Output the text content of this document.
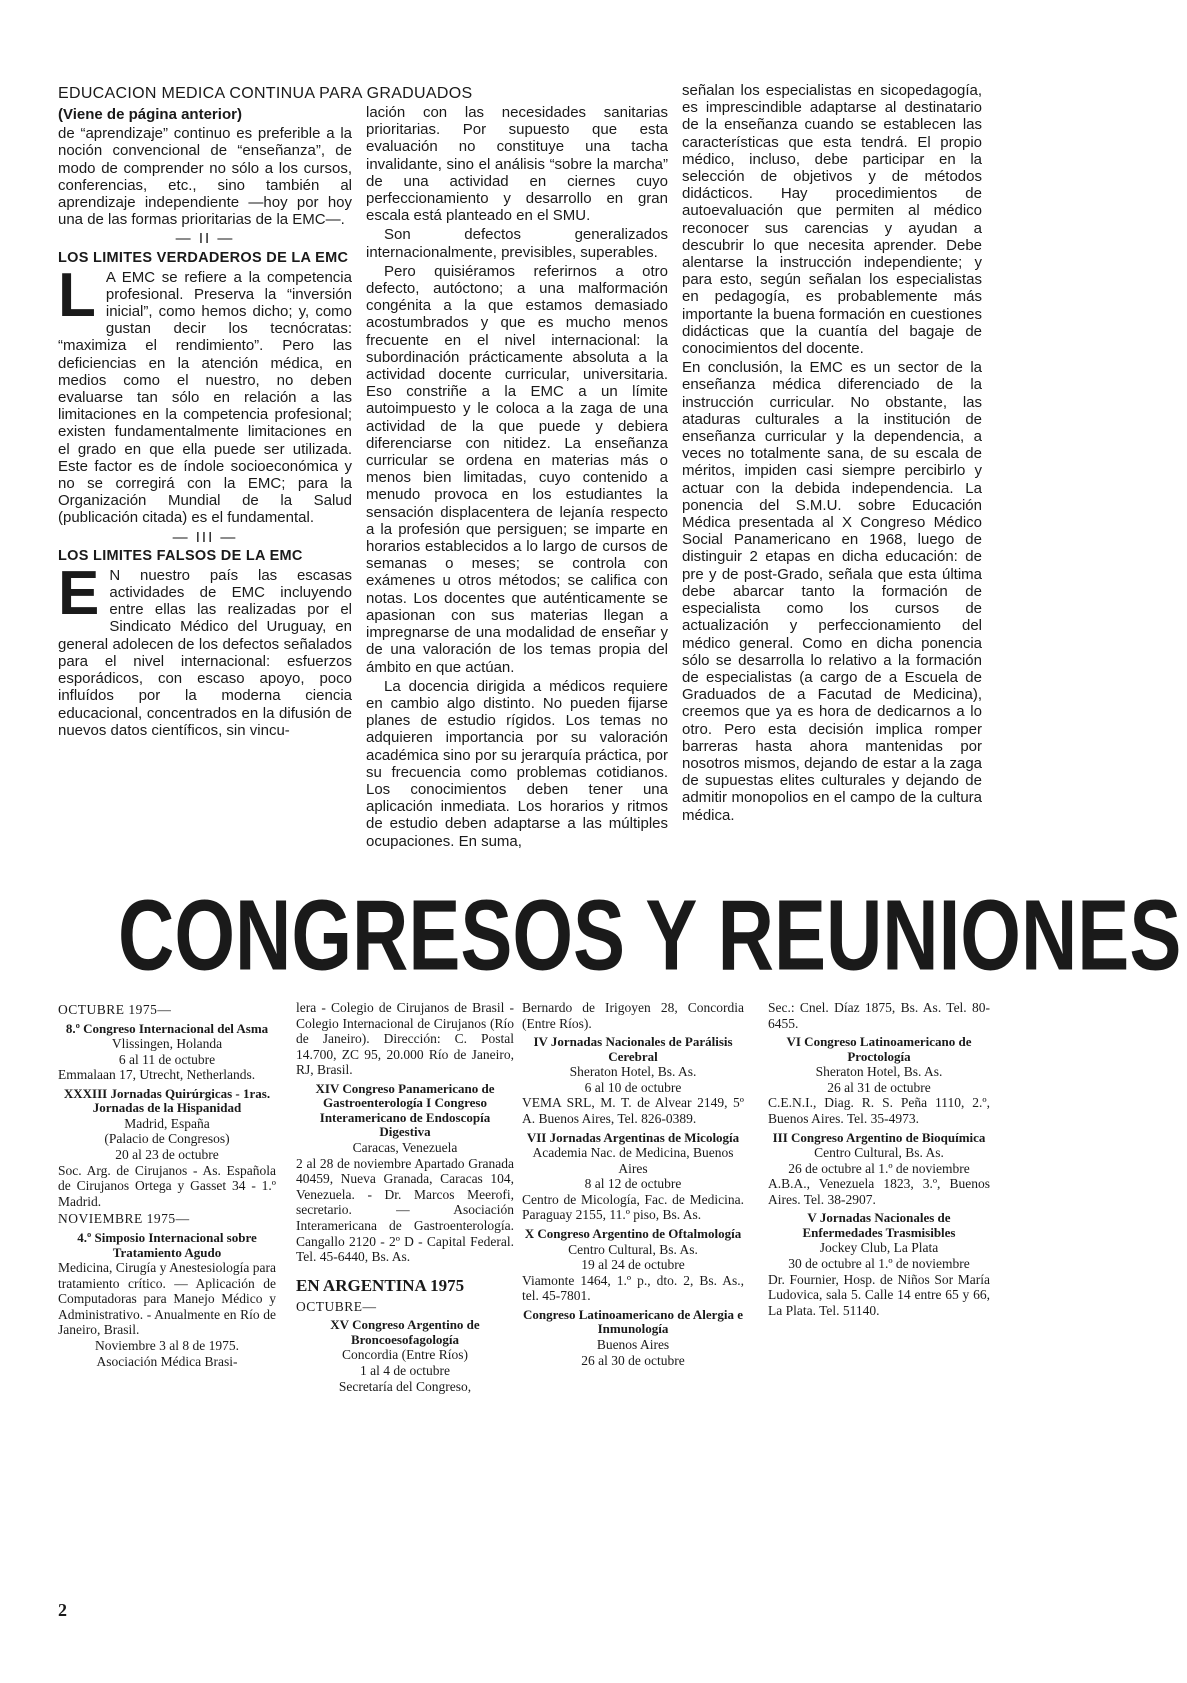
EDUCACION MEDICA CONTINUA PARA GRADUADOS

(Viene de página anterior)

de “aprendizaje” continuo es preferible a la noción convencional de “enseñanza”, de modo de comprender no sólo a los cursos, conferencias, etc., sino también al aprendizaje independiente —hoy por hoy una de las formas prioritarias de la EMC—.

— II —

LOS LIMITES VERDADEROS DE LA EMC

L A EMC se refiere a la competencia profesional. Preserva la “inversión inicial”, como hemos dicho; y, como gustan decir los tecnócratas: “maximiza el rendimiento”. Pero las deficiencias en la atención médica, en medios como el nuestro, no deben evaluarse tan sólo en relación a las limitaciones en la competencia profesional; existen fundamentalmente limitaciones en el grado en que ella puede ser utilizada. Este factor es de índole socioeconómica y no se corregirá con la EMC; para la Organización Mundial de la Salud (publicación citada) es el fundamental.

— III —

LOS LIMITES FALSOS DE LA EMC

E N nuestro país las escasas actividades de EMC incluyendo entre ellas las realizadas por el Sindicato Médico del Uruguay, en general adolecen de los defectos señalados para el nivel internacional: esfuerzos esporádicos, con escaso apoyo, poco influídos por la moderna ciencia educacional, concentrados en la difusión de nuevos datos científicos, sin vincu-

lación con las necesidades sanitarias prioritarias. Por supuesto que esta evaluación no constituye una tacha invalidante, sino el análisis “sobre la marcha” de una actividad en ciernes cuyo perfeccionamiento y desarrollo en gran escala está planteado en el SMU.

Son defectos generalizados internacionalmente, previsibles, superables.

Pero quisiéramos referirnos a otro defecto, autóctono; a una malformación congénita a la que estamos demasiado acostumbrados y que es mucho menos frecuente en el nivel internacional: la subordinación prácticamente absoluta a la actividad docente curricular, universitaria. Eso constriñe a la EMC a un límite autoimpuesto y le coloca a la zaga de una actividad de la que puede y debiera diferenciarse con nitidez. La enseñanza curricular se ordena en materias más o menos bien limitadas, cuyo contenido a menudo provoca en los estudiantes la sensación displacentera de lejanía respecto a la profesión que persiguen; se imparte en horarios establecidos a lo largo de cursos de semanas o meses; se controla con exámenes u otros métodos; se califica con notas. Los docentes que auténticamente se apasionan con sus materias llegan a impregnarse de una modalidad de enseñar y de una valoración de los temas propia del ámbito en que actúan.

La docencia dirigida a médicos requiere en cambio algo distinto. No pueden fijarse planes de estudio rígidos. Los temas no adquieren importancia por su valoración académica sino por su jerarquía práctica, por su frecuencia como problemas cotidianos. Los conocimientos deben tener una aplicación inmediata. Los horarios y ritmos de estudio deben adaptarse a las múltiples ocupaciones. En suma,

señalan los especialistas en sicopedagogía, es imprescindible adaptarse al destinatario de la enseñanza cuando se establecen las características que esta tendrá. El propio médico, incluso, debe participar en la selección de objetivos y de métodos didácticos. Hay procedimientos de autoevaluación que permiten al médico reconocer sus carencias y ayudan a descubrir lo que necesita aprender. Debe alentarse la instrucción independiente; y para esto, según señalan los especialistas en pedagogía, es probablemente más importante la buena formación en cuestiones didácticas que la cuantía del bagaje de conocimientos del docente.

En conclusión, la EMC es un sector de la enseñanza médica diferenciado de la instrucción curricular. No obstante, las ataduras culturales a la institución de enseñanza curricular y la dependencia, a veces no totalmente sana, de su escala de méritos, impiden casi siempre percibirlo y actuar con la debida independencia. La ponencia del S.M.U. sobre Educación Médica presentada al X Congreso Médico Social Panamericano en 1968, luego de distinguir 2 etapas en dicha educación: de pre y de post-Grado, señala que esta última debe abarcar tanto la formación de especialista como los cursos de actualización y perfeccionamiento del médico general. Como en dicha ponencia sólo se desarrolla lo relativo a la formación de especialistas (a cargo de a Escuela de Graduados de a Facutad de Medicina), creemos que ya es hora de dedicarnos a lo otro. Pero esta decisión implica romper barreras hasta ahora mantenidas por nosotros mismos, dejando de estar a la zaga de supuestas elites culturales y dejando de admitir monopolios en el campo de la cultura médica.

CONGRESOS Y REUNIONES

OCTUBRE 1975—

8.º Congreso Internacional del Asma

Vlissingen, Holanda

6 al 11 de octubre

Emmalaan 17, Utrecht, Netherlands.

XXXIII Jornadas Quirúrgicas - 1ras. Jornadas de la Hispanidad

Madrid, España

(Palacio de Congresos)

20 al 23 de octubre

Soc. Arg. de Cirujanos - As. Española de Cirujanos Ortega y Gasset 34 - 1.º Madrid.

NOVIEMBRE 1975—

4.º Simposio Internacional sobre Tratamiento Agudo

Medicina, Cirugía y Anestesiología para tratamiento crítico. — Aplicación de Computadoras para Manejo Médico y Administrativo. - Anualmente en Río de Janeiro, Brasil.

Noviembre 3 al 8 de 1975.

Asociación Médica Brasi-

lera - Colegio de Cirujanos de Brasil - Colegio Internacional de Cirujanos (Río de Janeiro). Dirección: C. Postal 14.700, ZC 95, 20.000 Río de Janeiro, RJ, Brasil.

XIV Congreso Panamericano de Gastroenterología I Congreso Interamericano de Endoscopía Digestiva

Caracas, Venezuela

2 al 28 de noviembre Apartado Granada 40459, Nueva Granada, Caracas 104, Venezuela. - Dr. Marcos Meerofi, secretario. — Asociación Interamericana de Gastroenterología. Cangallo 2120 - 2º D - Capital Federal. Tel. 45-6440, Bs. As.

EN ARGENTINA 1975

OCTUBRE—

XV Congreso Argentino de Broncoesofagología

Concordia (Entre Ríos)

1 al 4 de octubre

Secretaría del Congreso,

Bernardo de Irigoyen 28, Concordia (Entre Ríos).

IV Jornadas Nacionales de Parálisis Cerebral

Sheraton Hotel, Bs. As.

6 al 10 de octubre

VEMA SRL, M. T. de Alvear 2149, 5º A. Buenos Aires, Tel. 826-0389.

VII Jornadas Argentinas de Micología

Academia Nac. de Medicina, Buenos Aires

8 al 12 de octubre

Centro de Micología, Fac. de Medicina. Paraguay 2155, 11.º piso, Bs. As.

X Congreso Argentino de Oftalmología

Centro Cultural, Bs. As.

19 al 24 de octubre

Viamonte 1464, 1.º p., dto. 2, Bs. As., tel. 45-7801.

Congreso Latinoamericano de Alergia e Inmunología

Buenos Aires

26 al 30 de octubre

Sec.: Cnel. Díaz 1875, Bs. As. Tel. 80-6455.

VI Congreso Latinoamericano de Proctología

Sheraton Hotel, Bs. As.

26 al 31 de octubre

C.E.N.I., Diag. R. S. Peña 1110, 2.º, Buenos Aires. Tel. 35-4973.

III Congreso Argentino de Bioquímica

Centro Cultural, Bs. As.

26 de octubre al 1.º de noviembre

A.B.A., Venezuela 1823, 3.º, Buenos Aires. Tel. 38-2907.

V Jornadas Nacionales de Enfermedades Trasmisibles

Jockey Club, La Plata

30 de octubre al 1.º de noviembre

Dr. Fournier, Hosp. de Niños Sor María Ludovica, sala 5. Calle 14 entre 65 y 66, La Plata. Tel. 51140.

2
